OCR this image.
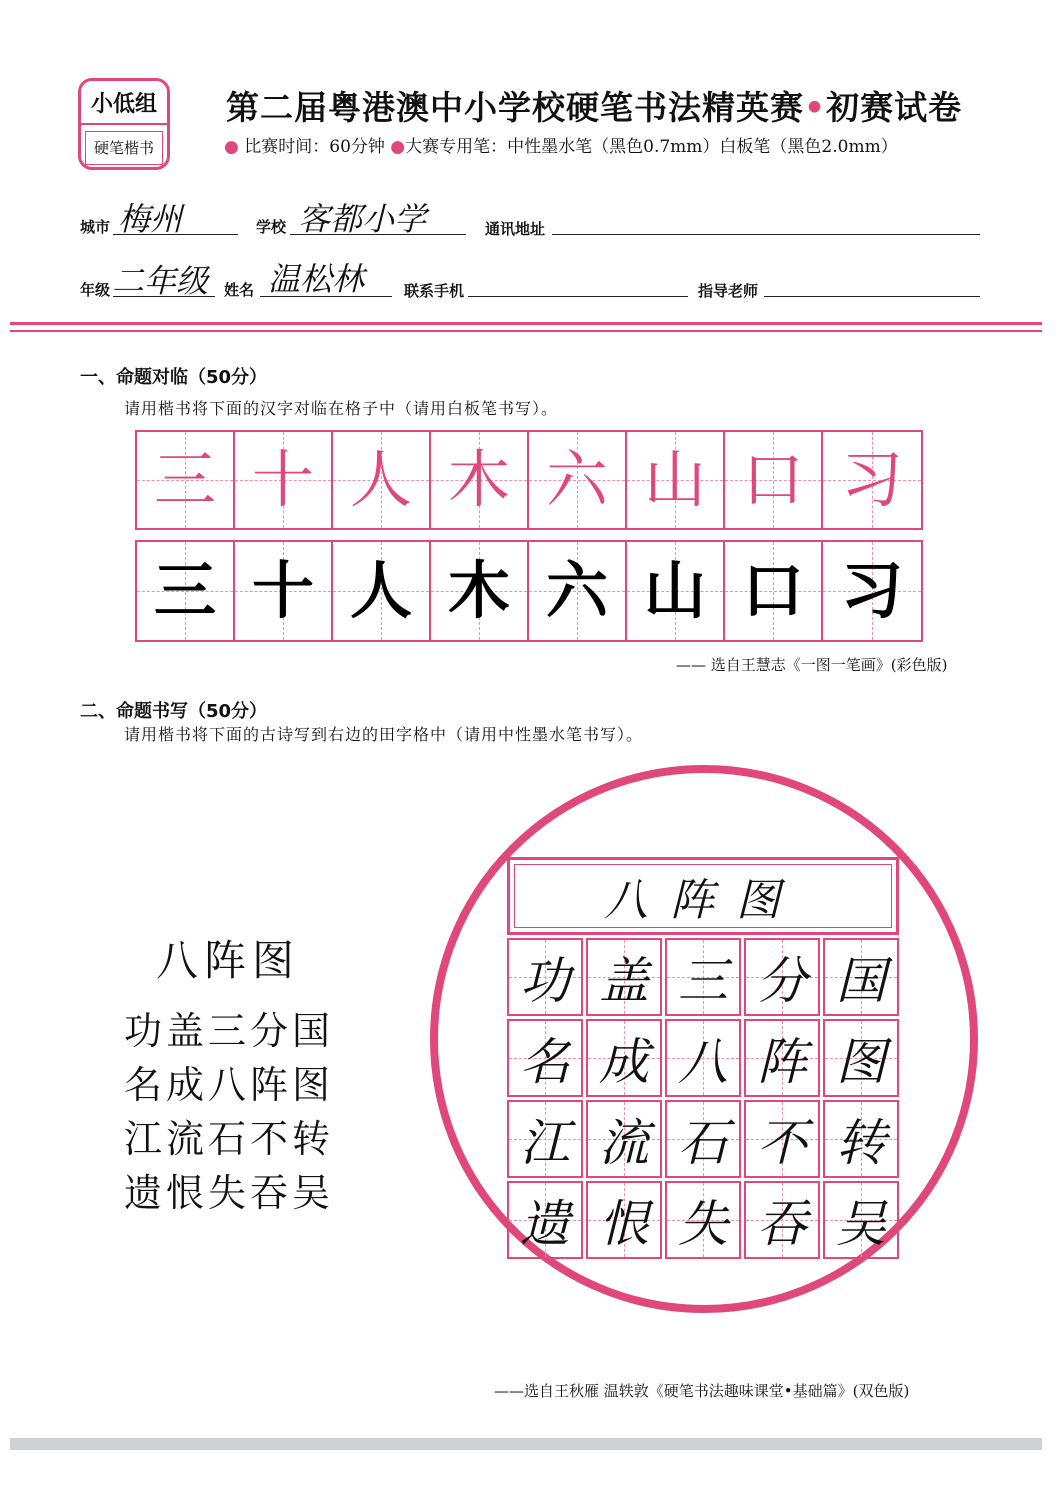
小低组
硬笔楷书
第二届粤港澳中小学校硬笔书法精英赛•初赛试卷
● 比赛时间：60分钟 ●大赛专用笔：中性墨水笔（黑色0.7mm）白板笔（黑色2.0mm）
城市 梅州	学校 客都小学	通讯地址
年级 二年级 姓名 温松林	联系手机	指导老师
一、命题对临（50分）
请用楷书将下面的汉字对临在格子中（请用白板笔书写）。
三 十 人 木 六 山 口 习
三 十 人 木 六 山 口 习
—— 选自王慧志《一图一笔画》(彩色版)
二、命题书写（50分）
请用楷书将下面的古诗写到右边的田字格中（请用中性墨水笔书写）。
八阵图
功盖三分国
名成八阵图
江流石不转
遗恨失吞吴
八阵图
功 盖 三 分 国
名 成 八 阵 图
江 流 石 不 转
遗 恨 失 吞 吴
——选自王秋雁 温轶敦《硬笔书法趣味课堂•基础篇》(双色版)
